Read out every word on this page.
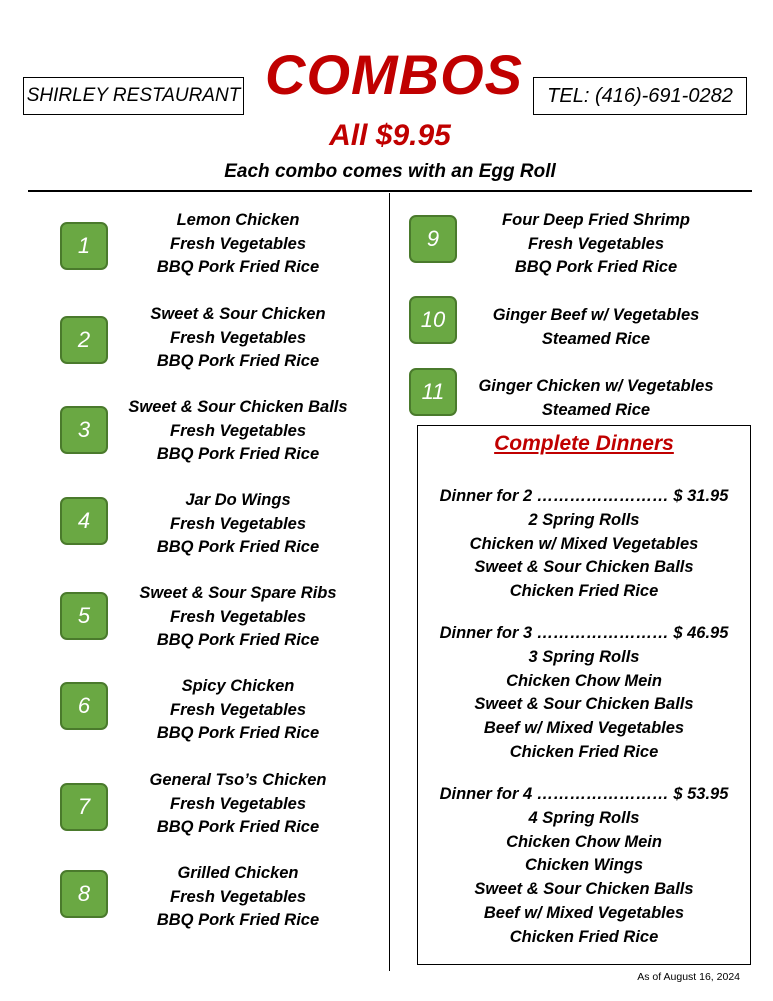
SHIRLEY RESTAURANT COMBOS	TEL: (416)-691-0282
All $9.95
Each combo comes with an Egg Roll
1
Lemon Chicken
Fresh Vegetables
BBQ Pork Fried Rice
2
Sweet & Sour Chicken
Fresh Vegetables
BBQ Pork Fried Rice
3
Sweet & Sour Chicken Balls
Fresh Vegetables
BBQ Pork Fried Rice
4
Jar Do Wings
Fresh Vegetables
BBQ Pork Fried Rice
5
Sweet & Sour Spare Ribs
Fresh Vegetables
BBQ Pork Fried Rice
6
Spicy Chicken
Fresh Vegetables
BBQ Pork Fried Rice
7
General Tso’s Chicken
Fresh Vegetables
BBQ Pork Fried Rice
8
Grilled Chicken
Fresh Vegetables
BBQ Pork Fried Rice
9
Four Deep Fried Shrimp
Fresh Vegetables
BBQ Pork Fried Rice
10	Ginger Beef w/ Vegetables
Steamed Rice
11	Ginger Chicken w/ Vegetables
Steamed Rice
Complete Dinners
Dinner for 2 …………………… $ 31.95
2 Spring Rolls
Chicken w/ Mixed Vegetables
Sweet & Sour Chicken Balls
Chicken Fried Rice
Dinner for 3 …………………… $ 46.95
3 Spring Rolls
Chicken Chow Mein
Sweet & Sour Chicken Balls
Beef w/ Mixed Vegetables
Chicken Fried Rice
Dinner for 4 …………………… $ 53.95
4 Spring Rolls
Chicken Chow Mein
Chicken Wings
Sweet & Sour Chicken Balls
Beef w/ Mixed Vegetables
Chicken Fried Rice
As of August 16, 2024
